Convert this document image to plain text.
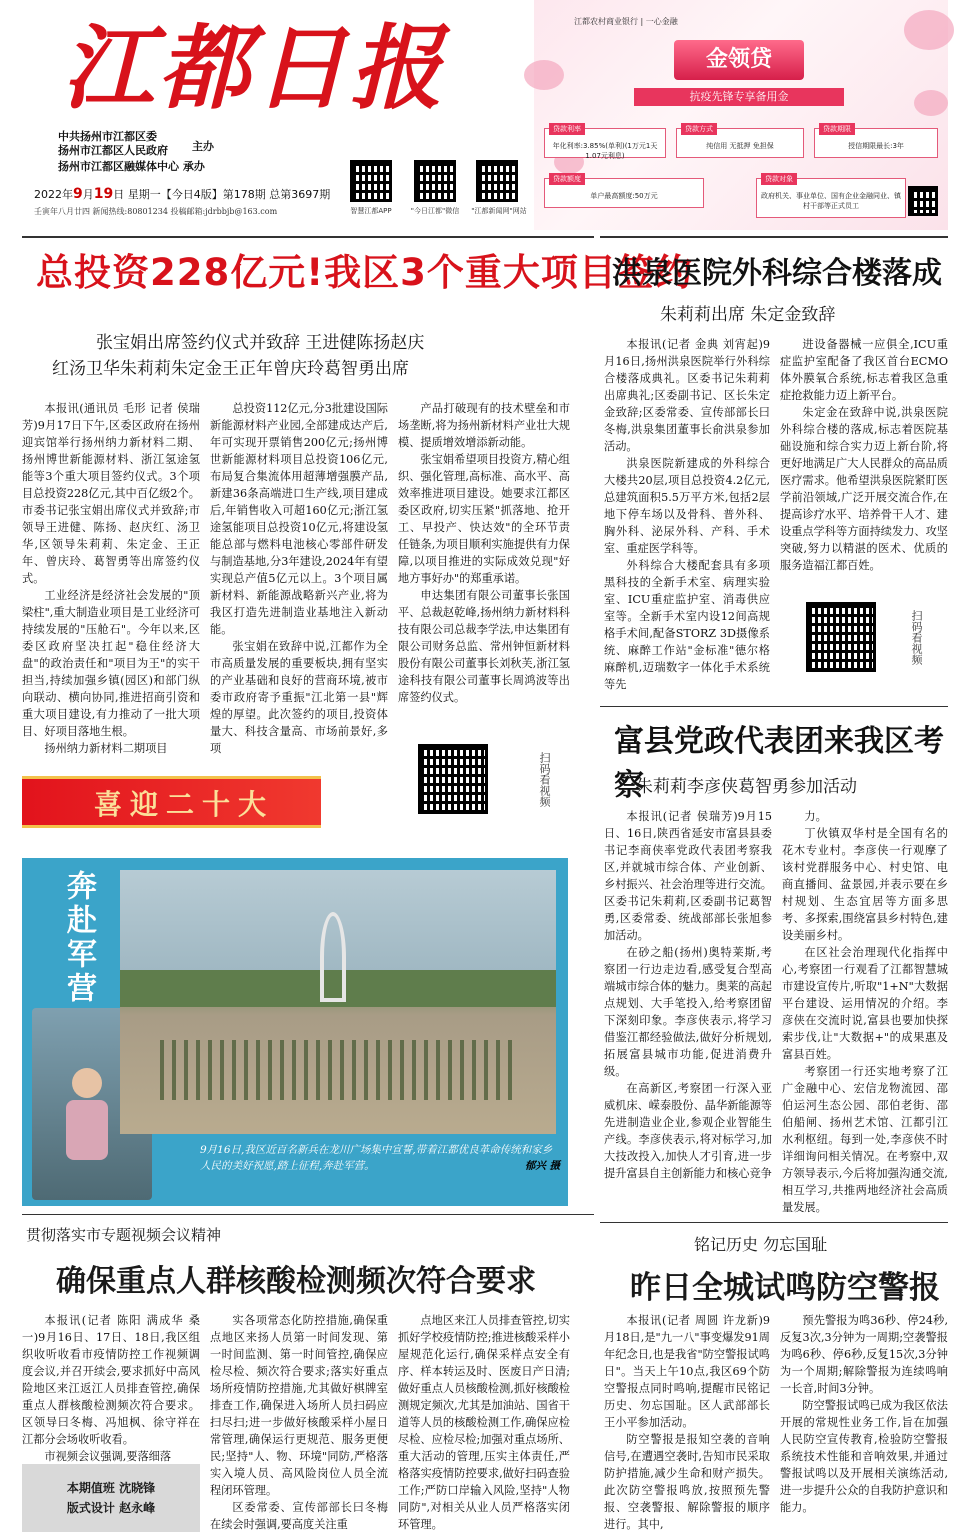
江都日报
中共扬州市江都区委
扬州市江都区人民政府 主办
扬州市江都区融媒体中心 承办
2022年9月19日 星期一【今日4版】第178期 总第3697期
壬寅年八月廿四 新闻热线:80801234 投稿邮箱:jdrbbjb@163.com	智慧江都APP	"今日江都"微信	"江都新闻网"网站
江都农村商业银行 | 一心金融
金领贷
抗疫先锋专享备用金
贷款利率
年化利率:3.85%(单利)(1万元1天1.07元利息)
贷款方式
纯信用 无抵押 免担保
贷款期限
授信期限最长:3年
贷款额度
单户最高额度:50万元
贷款对象
政府机关、事业单位、国有企业金融同业、镇村干部等正式员工
总投资228亿元!我区3个重大项目签约
张宝娟出席签约仪式并致辞 王进健陈扬赵庆
红汤卫华朱莉莉朱定金王正年曾庆玲葛智勇出席

本报讯(通讯员 毛形 记者 侯瑞芳)9月17日下午,区委区政府在扬州迎宾馆举行扬州纳力新材料二期、扬州博世新能源材料、浙江氢途氢能等3个重大项目签约仪式。3个项目总投资228亿元,其中百亿级2个。市委书记张宝娟出席仪式并致辞;市领导王进健、陈扬、赵庆红、汤卫华,区领导朱莉莉、朱定金、王正年、曾庆玲、葛智勇等出席签约仪式。

工业经济是经济社会发展的"顶梁柱",重大制造业项目是工业经济可持续发展的"压舱石"。今年以来,区委区政府坚决扛起"稳住经济大盘"的政治责任和"项目为王"的实干担当,持续加强乡镇(园区)和部门纵向联动、横向协同,推进招商引资和重大项目建设,有力推动了一批大项目、好项目落地生根。

扬州纳力新材料二期项目

总投资112亿元,分3批建设国际新能源材料产业园,全部建成达产后,年可实现开票销售200亿元;扬州博世新能源材料项目总投资106亿元,布局复合集流体用超薄增强膜产品,新建36条高端进口生产线,项目建成后,年销售收入可超160亿元;浙江氢途氢能项目总投资10亿元,将建设氢能总部与燃料电池核心零部件研发与制造基地,分3年建设,2024年有望实现总产值5亿元以上。3个项目属新材料、新能源战略新兴产业,将为我区打造先进制造业基地注入新动能。

张宝娟在致辞中说,江都作为全市高质量发展的重要板块,拥有坚实的产业基础和良好的营商环境,被市委市政府寄予重振"江北第一县"辉煌的厚望。此次签约的项目,投资体量大、科技含量高、市场前景好,多项

产品打破现有的技术壁垒和市场垄断,将为扬州新材料产业壮大规模、提质增效增添新动能。

张宝娟希望项目投资方,精心组织、强化管理,高标准、高水平、高效率推进项目建设。她要求江都区委区政府,切实压紧"抓落地、抢开工、早投产、快达效"的全环节责任链条,为项目顺利实施提供有力保障,以项目推进的实际成效兑现"好地方事好办"的郑重承诺。

申达集团有限公司董事长张国平、总裁赵乾峰,扬州纳力新材料科技有限公司总裁李学法,申达集团有限公司财务总监、常州钟恒新材料股份有限公司董事长刘秋芙,浙江氢途科技有限公司董事长周鸿波等出席签约仪式。

扫码看视频
喜迎二十大
奔赴军营
9月16日,我区近百名新兵在龙川广场集中宣誓,带着江都优良革命传统和家乡人民的美好祝愿,踏上征程,奔赴军营。	郁兴 摄
洪泉医院外科综合楼落成
朱莉莉出席 朱定金致辞

本报讯(记者 金典 刘宵起)9月16日,扬州洪泉医院举行外科综合楼落成典礼。区委书记朱莉莉出席典礼;区委副书记、区长朱定金致辞;区委常委、宣传部部长曰冬梅,洪泉集团董事长俞洪泉参加活动。

洪泉医院新建成的外科综合大楼共20层,项目总投资4.2亿元,总建筑面积5.5万平方米,包括2层地下停车场以及骨科、普外科、胸外科、泌尿外科、产科、手术室、重症医学科等。

外科综合大楼配套具有多项黑科技的全新手术室、病理实验室、ICU重症监护室、消毒供应室等。全新手术室内设12间高规格手术间,配备STORZ 3D摄像系统、麻醉工作站"金标准"德尔格麻醉机,迈瑞数字一体化手术系统等先

进设备器械一应俱全,ICU重症监护室配备了我区首台ECMO体外膜氧合系统,标志着我区急重症抢救能力迈上新平台。

朱定金在致辞中说,洪泉医院外科综合楼的落成,标志着医院基础设施和综合实力迈上新台阶,将更好地满足广大人民群众的高品质医疗需求。他希望洪泉医院紧盯医学前沿领域,广泛开展交流合作,在提高诊疗水平、培养骨干人才、建设重点学科等方面持续发力、攻坚突破,努力以精湛的医术、优质的服务造福江都百姓。

扫码看视频
富县党政代表团来我区考察
朱莉莉李彦侠葛智勇参加活动

本报讯(记者 侯瑞芳)9月15日、16日,陕西省延安市富县县委书记李商侠率党政代表团考察我区,并就城市综合体、产业创新、乡村振兴、社会治理等进行交流。区委书记朱莉莉,区委副书记葛智勇,区委常委、统战部部长张旭参加活动。

在砂之船(扬州)奥特莱斯,考察团一行边走边看,感受复合型高端城市综合体的魅力。奥莱的高起点规划、大手笔投入,给考察团留下深刻印象。李彦侠表示,将学习借鉴江都经验做法,做好分析规划,拓展富县城市功能,促进消费升级。

在高新区,考察团一行深入亚威机床、嵘泰股份、晶华新能源等先进制造业企业,参观企业智能生产线。李彦侠表示,将对标学习,加大技改投入,加快人才引育,进一步提升富县自主创新能力和核心竞争

力。

丁伙镇双华村是全国有名的花木专业村。李彦侠一行观摩了该村党群服务中心、村史馆、电商直播间、盆景园,并表示要在乡村规划、生态宜居等方面多思考、多探索,围绕富县乡村特色,建设美丽乡村。

在区社会治理现代化指挥中心,考察团一行观看了江都智慧城市建设宣传片,听取"1+N"大数据平台建设、运用情况的介绍。李彦侠在交流时说,富县也要加快探索步伐,让"大数据+"的成果惠及富县百姓。

考察团一行还实地考察了江广金融中心、宏信龙物流园、邵伯运河生态公园、邵伯老街、邵伯船闸、扬州艺术馆、江都引江水利枢纽。每到一处,李彦侠不时详细询问相关情况。在考察中,双方领导表示,今后将加强沟通交流,相互学习,共推两地经济社会高质量发展。

贯彻落实市专题视频会议精神
确保重点人群核酸检测频次符合要求

本报讯(记者 陈阳 满成华 桑一)9月16日、17日、18日,我区组织收听收看市疫情防控工作视频调度会议,并召开续会,要求抓好中高风险地区来江返江人员排查管控,确保重点人群核酸检测频次符合要求。区领导曰冬梅、冯旭枫、徐守祥在江都分会场收听收看。

市视频会议强调,要落细落

实各项常态化防控措施,确保重点地区来扬人员第一时间发现、第一时间监测、第一时间管控,确保应检尽检、频次符合要求;落实好重点场所疫情防控措施,尤其做好棋牌室排查工作,确保进入场所人员扫码应扫尽扫;进一步做好核酸采样小屋日常管理,确保运行更规范、服务更便民;坚持"人、物、环境"同防,严格落实入境人员、高风险岗位人员全流程闭环管理。

区委常委、宣传部部长曰冬梅在续会时强调,要高度关注重

点地区来江人员排查管控,切实抓好学校疫情防控;推进核酸采样小屋规范化运行,确保采样点安全有序、样本转运及时、医废日产日清;做好重点人员核酸检测,抓好核酸检测规定频次,尤其是加油站、国省干道等人员的核酸检测工作,确保应检尽检、应检尽检;加强对重点场所、重大活动的管理,压实主体责任,严格落实疫情防控要求,做好扫码查验工作;严防口岸输入风险,坚持"人物同防",对相关从业人员严格落实闭环管理。

本期值班 沈晓锋
版式设计 赵永峰
铭记历史 勿忘国耻
昨日全城试鸣防空警报

本报讯(记者 周圆 许龙新)9月18日,是"九一八"事变爆发91周年纪念日,也是我省"防空警报试鸣日"。当天上午10点,我区69个防空警报点同时鸣响,提醒市民铭记历史、勿忘国耻。区人武部部长王小平参加活动。

防空警报是报知空袭的音响信号,在遭遇空袭时,告知市民采取防护措施,减少生命和财产损失。此次防空警报鸣放,按照预先警报、空袭警报、解除警报的顺序进行。其中,

预先警报为鸣36秒、停24秒,反复3次,3分钟为一周期;空袭警报为鸣6秒、停6秒,反复15次,3分钟为一个周期;解除警报为连续鸣响一长音,时间3分钟。

防空警报试鸣已成为我区依法开展的常规性业务工作,旨在加强人民防空宣传教育,检验防空警报系统技术性能和音响效果,并通过警报试鸣以及开展相关演练活动,进一步提升公众的自我防护意识和能力。
